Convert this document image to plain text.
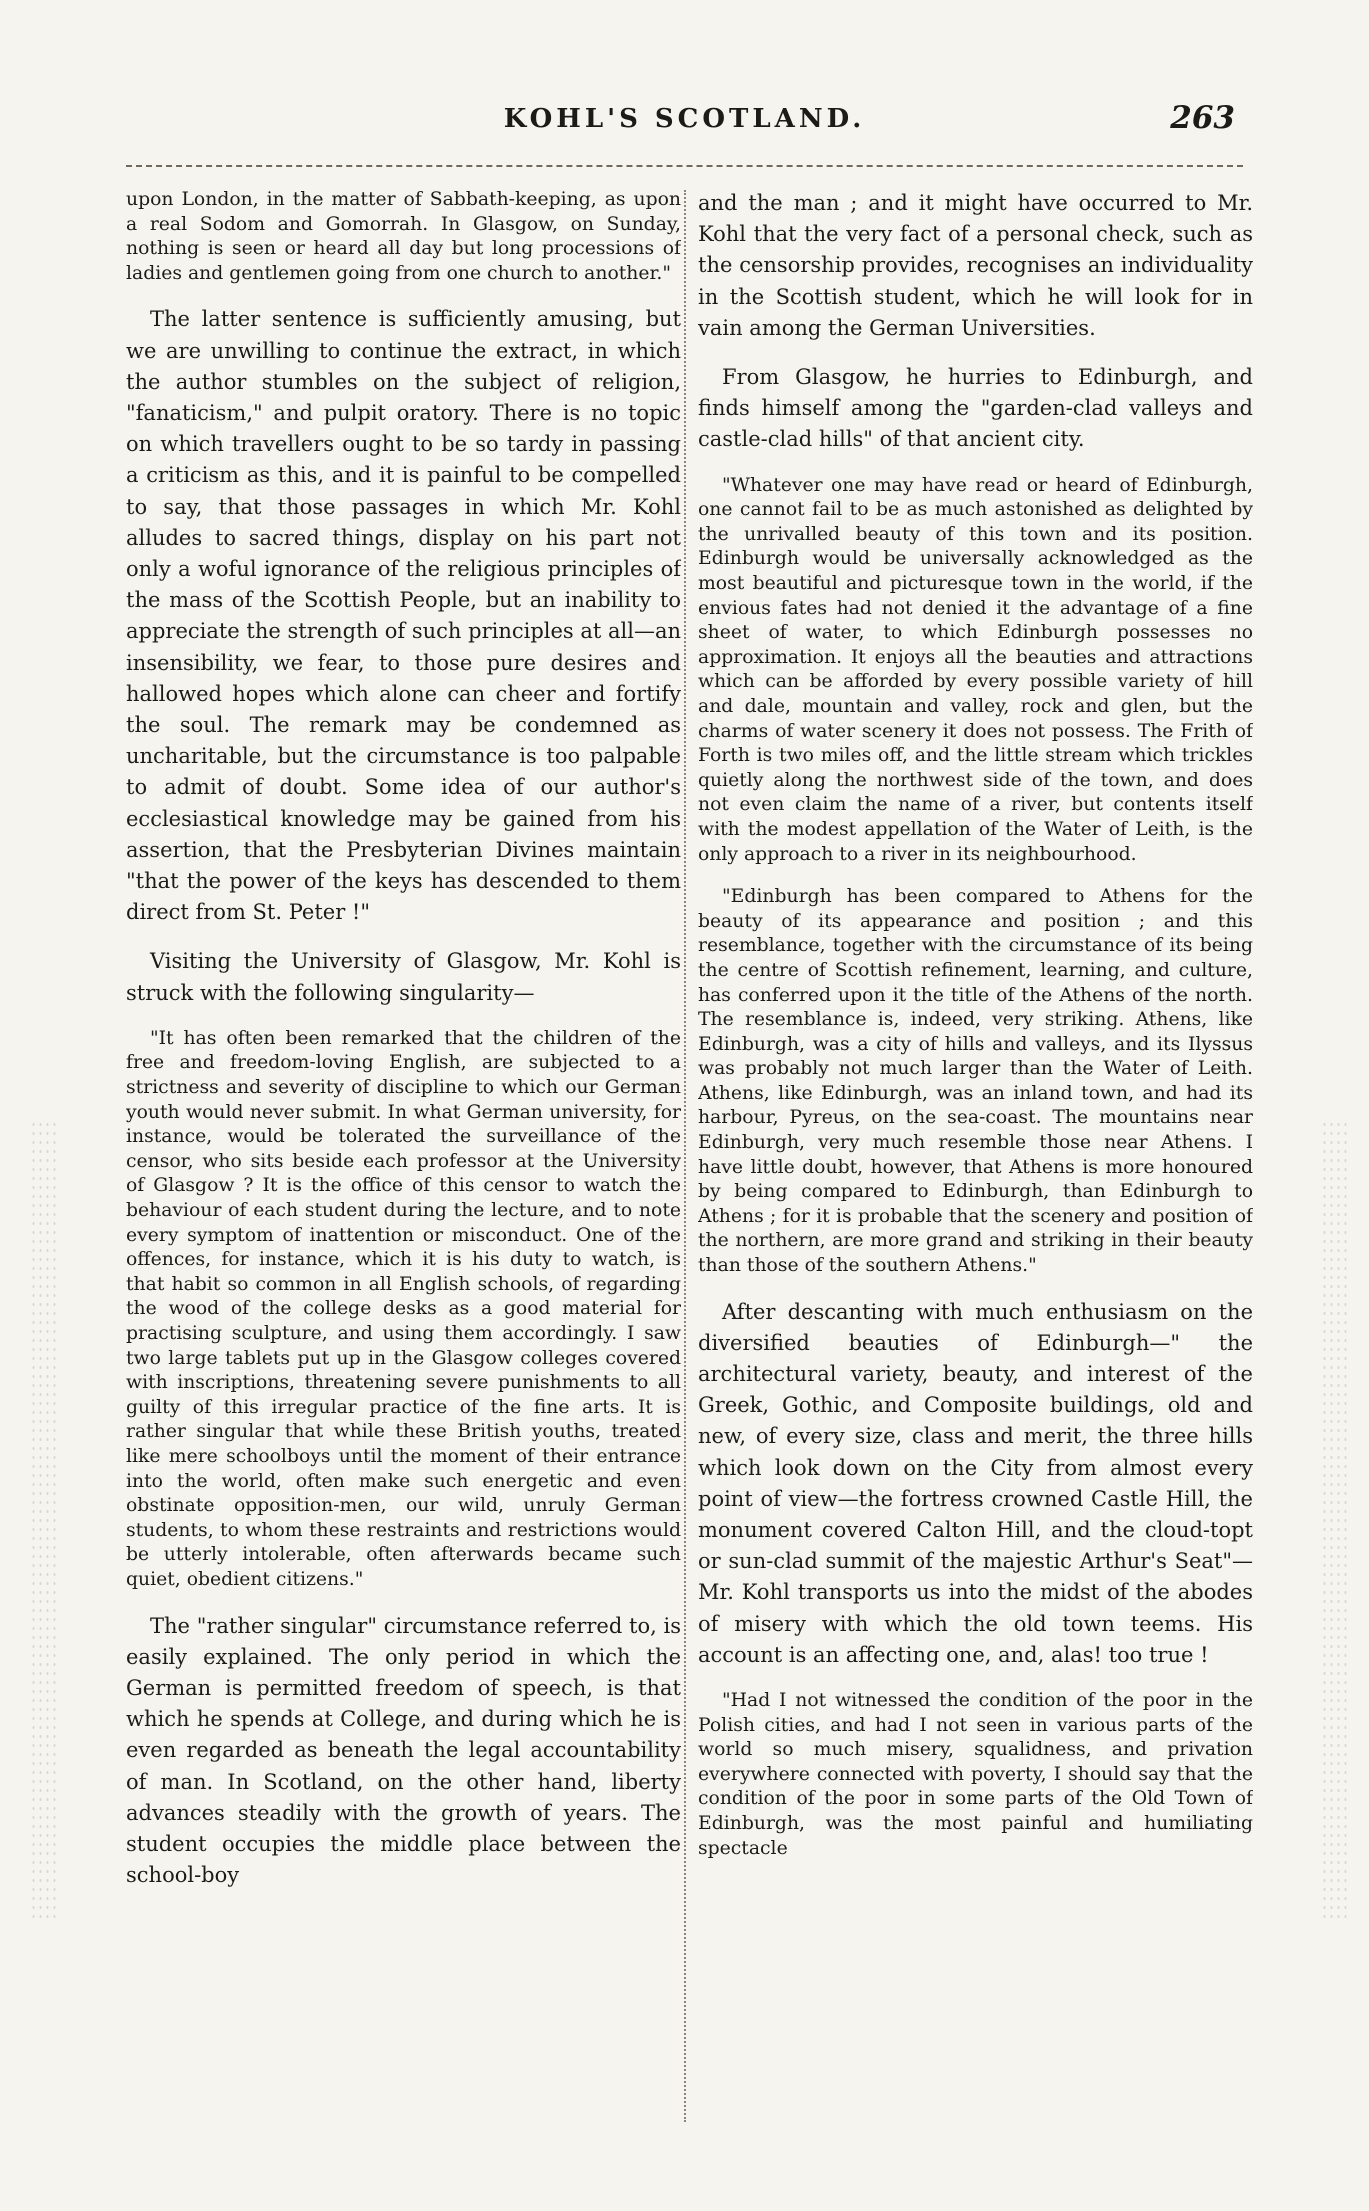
KOHL'S SCOTLAND.	263

upon London, in the matter of Sabbath-keeping, as upon a real Sodom and Gomorrah. In Glasgow, on Sunday, nothing is seen or heard all day but long processions of ladies and gentlemen going from one church to another."

The latter sentence is sufficiently amusing, but we are unwilling to continue the extract, in which the author stumbles on the subject of religion, "fanaticism," and pulpit oratory. There is no topic on which travellers ought to be so tardy in passing a criticism as this, and it is painful to be compelled to say, that those passages in which Mr. Kohl alludes to sacred things, display on his part not only a woful ignorance of the religious principles of the mass of the Scottish People, but an inability to appreciate the strength of such principles at all—an insensibility, we fear, to those pure desires and hallowed hopes which alone can cheer and fortify the soul. The remark may be condemned as uncharitable, but the circumstance is too palpable to admit of doubt. Some idea of our author's ecclesiastical knowledge may be gained from his assertion, that the Presbyterian Divines maintain "that the power of the keys has descended to them direct from St. Peter !"

Visiting the University of Glasgow, Mr. Kohl is struck with the following singularity—

"It has often been remarked that the children of the free and freedom-loving English, are subjected to a strictness and severity of discipline to which our German youth would never submit. In what German university, for instance, would be tolerated the surveillance of the censor, who sits beside each professor at the University of Glasgow ? It is the office of this censor to watch the behaviour of each student during the lecture, and to note every symptom of inattention or misconduct. One of the offences, for instance, which it is his duty to watch, is that habit so common in all English schools, of regarding the wood of the college desks as a good material for practising sculpture, and using them accordingly. I saw two large tablets put up in the Glasgow colleges covered with inscriptions, threatening severe punishments to all guilty of this irregular practice of the fine arts. It is rather singular that while these British youths, treated like mere schoolboys until the moment of their entrance into the world, often make such energetic and even obstinate opposition-men, our wild, unruly German students, to whom these restraints and restrictions would be utterly intolerable, often afterwards became such quiet, obedient citizens."

The "rather singular" circumstance referred to, is easily explained. The only period in which the German is permitted freedom of speech, is that which he spends at College, and during which he is even regarded as beneath the legal accountability of man. In Scotland, on the other hand, liberty advances steadily with the growth of years. The student occupies the middle place between the school-boy

and the man ; and it might have occurred to Mr. Kohl that the very fact of a personal check, such as the censorship provides, recognises an individuality in the Scottish student, which he will look for in vain among the German Universities.

From Glasgow, he hurries to Edinburgh, and finds himself among the "garden-clad valleys and castle-clad hills" of that ancient city.

"Whatever one may have read or heard of Edinburgh, one cannot fail to be as much astonished as delighted by the unrivalled beauty of this town and its position. Edinburgh would be universally acknowledged as the most beautiful and picturesque town in the world, if the envious fates had not denied it the advantage of a fine sheet of water, to which Edinburgh possesses no approximation. It enjoys all the beauties and attractions which can be afforded by every possible variety of hill and dale, mountain and valley, rock and glen, but the charms of water scenery it does not possess. The Frith of Forth is two miles off, and the little stream which trickles quietly along the northwest side of the town, and does not even claim the name of a river, but contents itself with the modest appellation of the Water of Leith, is the only approach to a river in its neighbourhood.

"Edinburgh has been compared to Athens for the beauty of its appearance and position ; and this resemblance, together with the circumstance of its being the centre of Scottish refinement, learning, and culture, has conferred upon it the title of the Athens of the north. The resemblance is, indeed, very striking. Athens, like Edinburgh, was a city of hills and valleys, and its Ilyssus was probably not much larger than the Water of Leith. Athens, like Edinburgh, was an inland town, and had its harbour, Pyreus, on the sea-coast. The mountains near Edinburgh, very much resemble those near Athens. I have little doubt, however, that Athens is more honoured by being compared to Edinburgh, than Edinburgh to Athens ; for it is probable that the scenery and position of the northern, are more grand and striking in their beauty than those of the southern Athens."

After descanting with much enthusiasm on the diversified beauties of Edinburgh—" the architectural variety, beauty, and interest of the Greek, Gothic, and Composite buildings, old and new, of every size, class and merit, the three hills which look down on the City from almost every point of view—the fortress crowned Castle Hill, the monument covered Calton Hill, and the cloud-topt or sun-clad summit of the majestic Arthur's Seat"—Mr. Kohl transports us into the midst of the abodes of misery with which the old town teems. His account is an affecting one, and, alas! too true !

"Had I not witnessed the condition of the poor in the Polish cities, and had I not seen in various parts of the world so much misery, squalidness, and privation everywhere connected with poverty, I should say that the condition of the poor in some parts of the Old Town of Edinburgh, was the most painful and humiliating spectacle
